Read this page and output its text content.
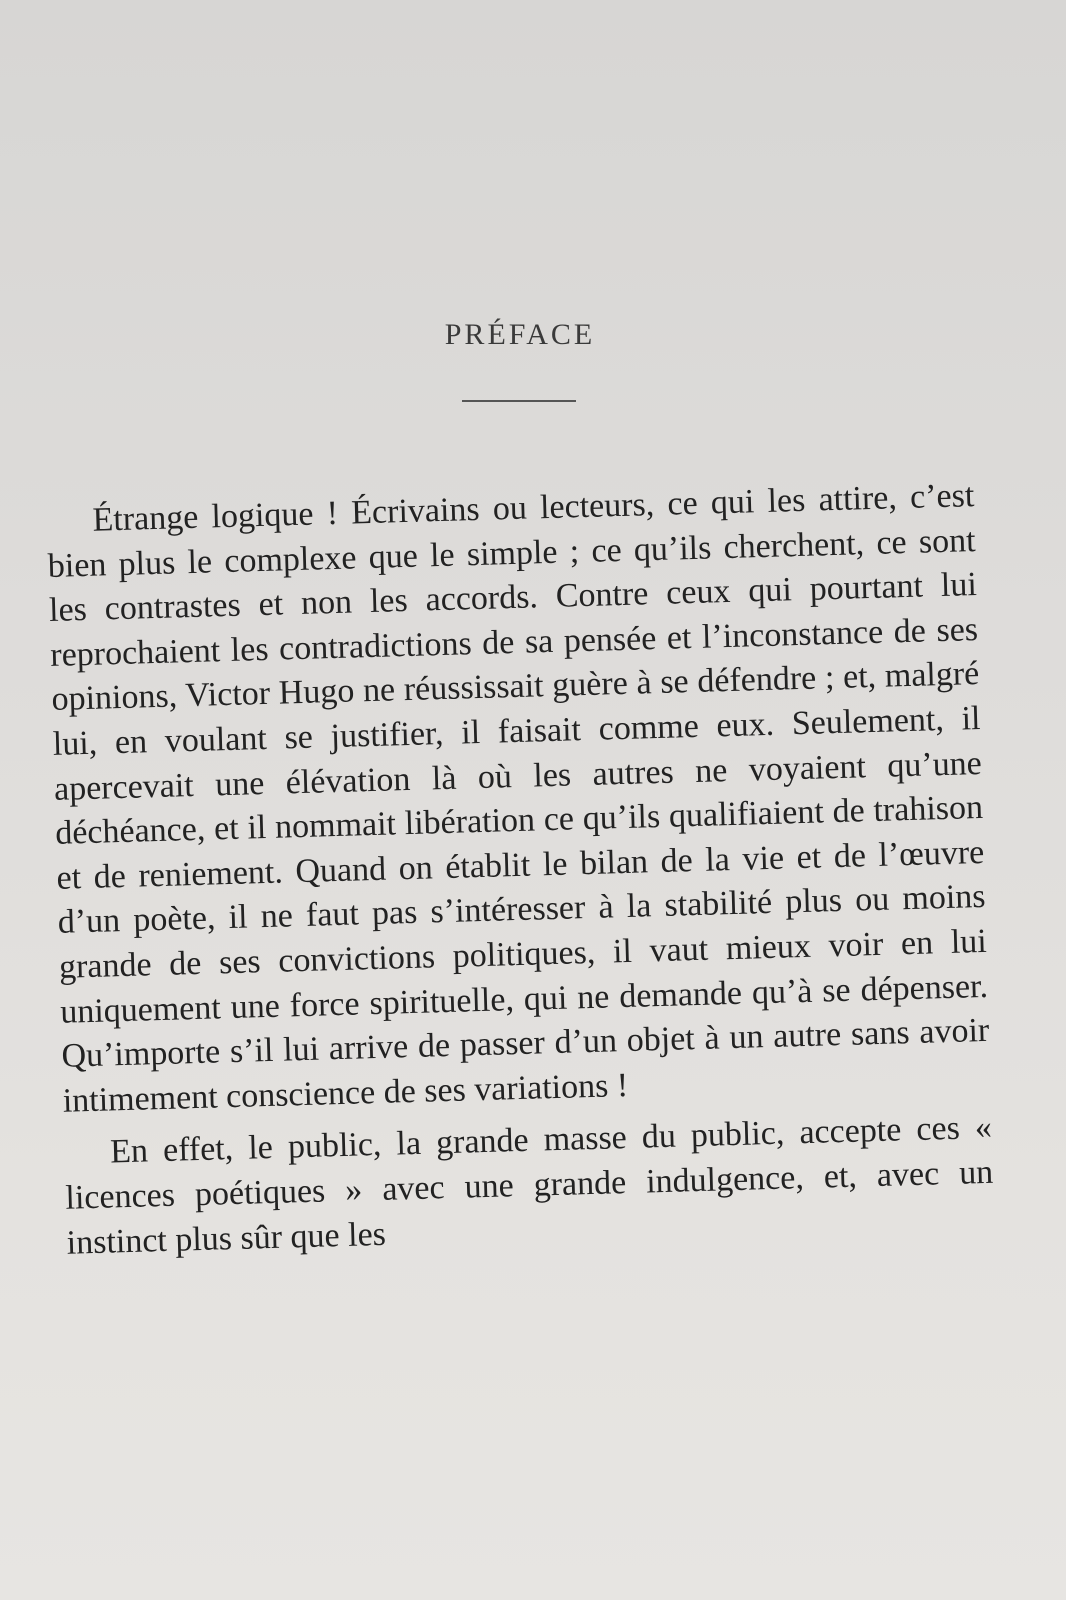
PRÉFACE

Étrange logique ! Écrivains ou lecteurs, ce qui les attire, c’est bien plus le complexe que le simple ; ce qu’ils cherchent, ce sont les contrastes et non les accords. Contre ceux qui pourtant lui reprochaient les contradictions de sa pensée et l’inconstance de ses opinions, Victor Hugo ne réussissait guère à se défendre ; et, malgré lui, en voulant se justifier, il faisait comme eux. Seulement, il apercevait une élévation là où les autres ne voyaient qu’une déchéance, et il nommait libération ce qu’ils qualifiaient de trahison et de reniement. Quand on établit le bilan de la vie et de l’œuvre d’un poète, il ne faut pas s’intéresser à la stabilité plus ou moins grande de ses convictions politiques, il vaut mieux voir en lui uniquement une force spirituelle, qui ne demande qu’à se dépenser. Qu’importe s’il lui arrive de passer d’un objet à un autre sans avoir intimement conscience de ses variations !

En effet, le public, la grande masse du public, accepte ces « licences poétiques » avec une grande indulgence, et, avec un instinct plus sûr que les
